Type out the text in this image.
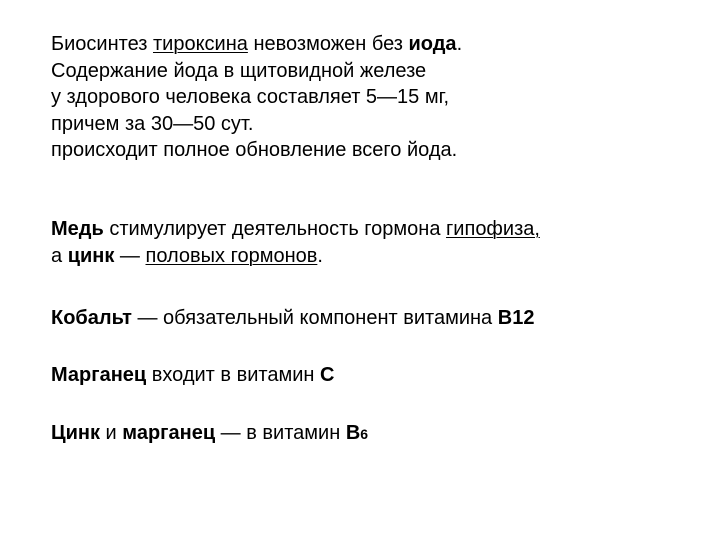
Биосинтез тироксина невозможен без иода.
Содержание йода в щитовидной железе
у здорового человека составляет 5—15 мг,
причем за 30—50 сут.
происходит полное обновление всего йода.
Медь стимулирует деятельность гормона гипофиза,
а цинк — половых гормонов.
Кобальт — обязательный компонент витамина В12
Марганец входит в витамин С
Цинк и марганец — в витамин В6
